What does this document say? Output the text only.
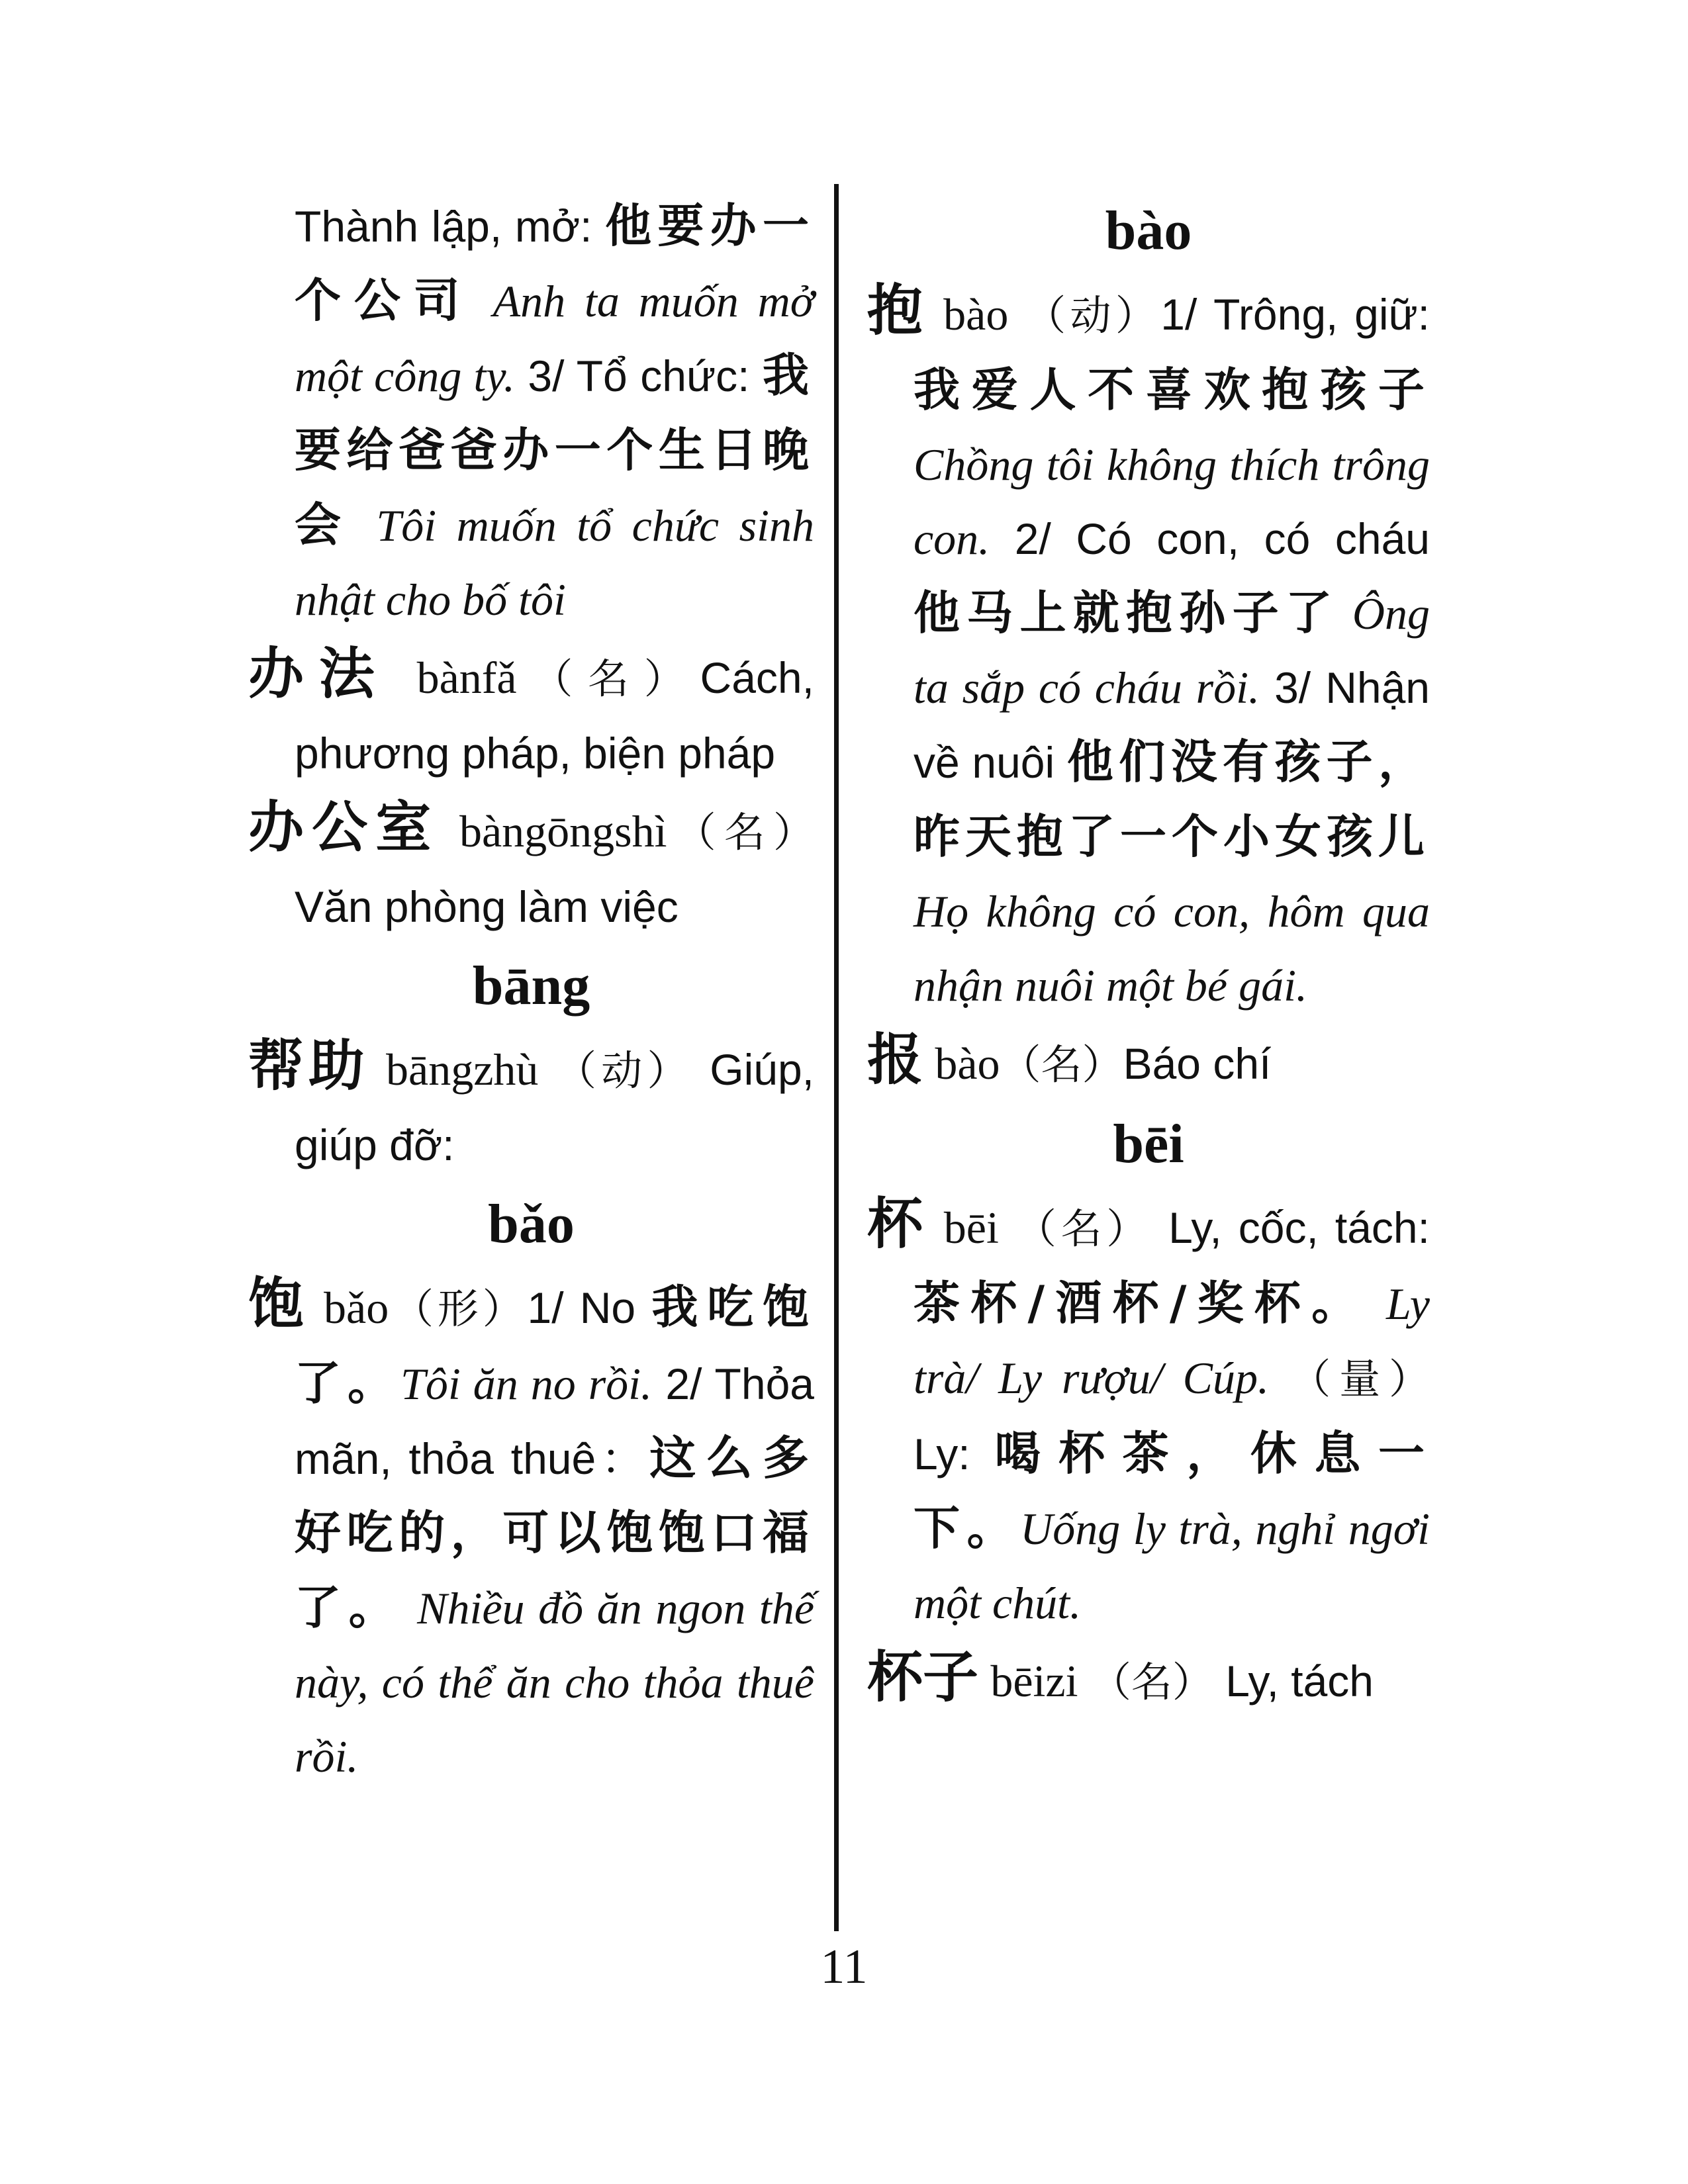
Thành lập, mở: 他要办一个公司 Anh ta muốn mở một công ty. 3/ Tổ chức: 我要给爸爸办一个生日晚会 Tôi muốn tổ chức sinh nhật cho bố tôi

办法 bànfǎ（名）Cách, phương pháp, biện pháp

办公室 bàngōngshì（名） Văn phòng làm việc

bāng

帮助 bāngzhù （动） Giúp, giúp đỡ:

bǎo

饱 bǎo（形）1/ No 我吃饱了。Tôi ăn no rồi. 2/ Thỏa mãn, thỏa thuê：这么多好吃的，可以饱饱口福了。 Nhiều đồ ăn ngon thế này, có thể ăn cho thỏa thuê rồi.

bào

抱 bào （动）1/ Trông, giữ: 我爱人不喜欢抱孩子 Chồng tôi không thích trông con. 2/ Có con, có cháu 他马上就抱孙子了 Ông ta sắp có cháu rồi. 3/ Nhận về nuôi 他们没有孩子，昨天抱了一个小女孩儿 Họ không có con, hôm qua nhận nuôi một bé gái.

报 bào（名）Báo chí

bēi

杯 bēi （名） Ly, cốc, tách: 茶杯/酒杯/奖杯。 Ly trà/ Ly rượu/ Cúp. （量） Ly: 喝杯茶，休息一下。Uống ly trà, nghỉ ngơi một chút.

杯子 bēizi （名） Ly, tách

11
